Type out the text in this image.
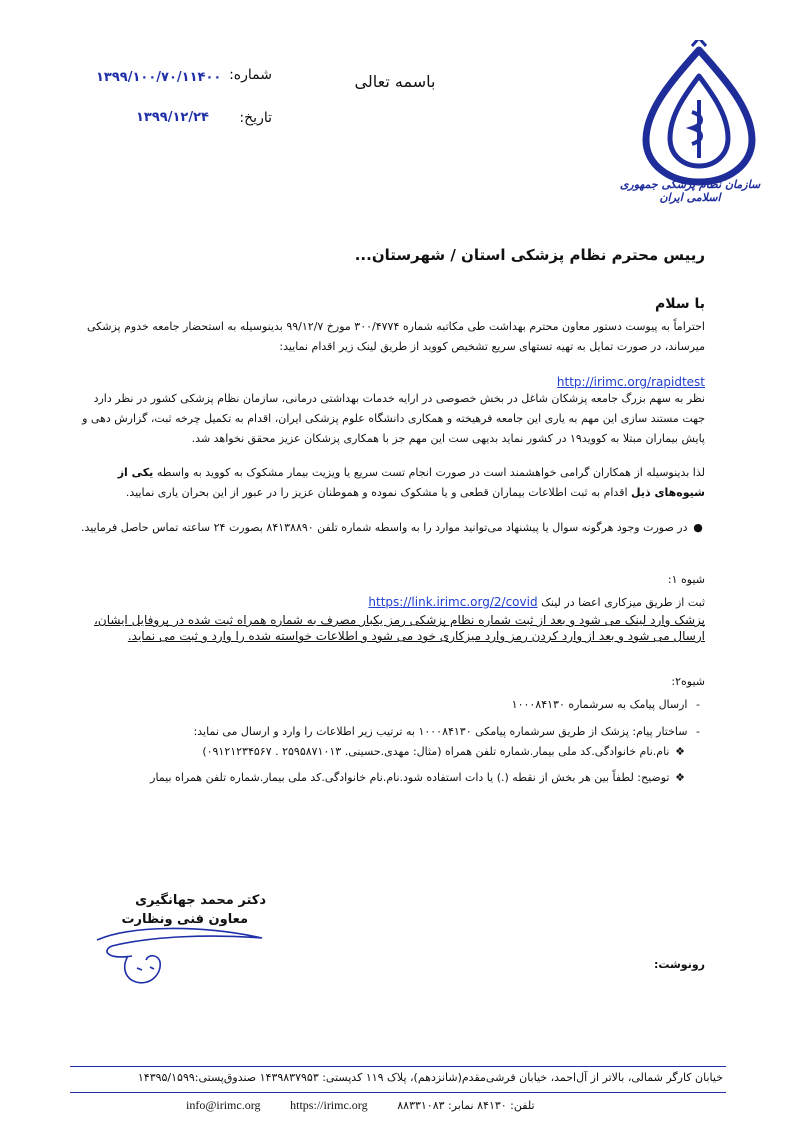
سازمان نظام پزشکی جمهوری اسلامی ایران
باسمه تعالی
شماره:
۱۳۹۹/۱۰۰/۷۰/۱۱۴۰۰
تاریخ:
۱۳۹۹/۱۲/۲۴
رییس محترم نظام پزشکی استان / شهرستان...
با سلام
احتراماً به پیوست دستور معاون محترم بهداشت طی مکاتبه شماره ۳۰۰/۴۷۷۴ مورخ ۹۹/۱۲/۷ بدینوسیله به استحضار جامعه خدوم پزشکی میرساند، در صورت تمایل به تهیه تستهای سریع تشخیص کووید از طریق لینک زیر اقدام نمایید:
http://irimc.org/rapidtest
نظر به سهم بزرگ جامعه پزشکان شاغل در بخش خصوصی در ارایه خدمات بهداشتی درمانی، سازمان نظام پزشکی کشور در نظر دارد جهت مستند سازی این مهم به یاری این جامعه فرهیخته و همکاری دانشگاه علوم پزشکی ایران، اقدام به تکمیل چرخه ثبت، گزارش دهی و پایش بیماران مبتلا به کووید۱۹ در کشور نماید بدیهی ست این مهم جز با همکاری پزشکان عزیز محقق نخواهد شد.
لذا بدینوسیله از همکاران گرامی خواهشمند است در صورت انجام تست سریع یا ویزیت بیمار مشکوک به کووید به واسطه یکی از شیوه‌های ذیل اقدام به ثبت اطلاعات بیماران قطعی و یا مشکوک نموده و هموطنان عزیز را در عبور از این بحران یاری نمایید.
● در صورت وجود هرگونه سوال یا پیشنهاد می‌توانید موارد را به واسطه شماره تلفن ۸۴۱۳۸۸۹۰ بصورت ۲۴ ساعته تماس حاصل فرمایید.
شیوه ۱:
ثبت از طریق میزکاری اعضا در لینک https://link.irimc.org/2/covid
پزشک وارد لینک می شود و بعد از ثبت شماره نظام پزشکی رمز یکبار مصرف به شماره همراه ثبت شده در پروفایل ایشان، ارسال می شود و بعد از وارد کردن رمز وارد میزکاری خود می شود و اطلاعات خواسته شده را وارد و ثبت می نماید.
شیوه۲:
- ارسال پیامک به سرشماره ۱۰۰۰۸۴۱۳۰
- ساختار پیام: پزشک از طریق سرشماره پیامکی ۱۰۰۰۸۴۱۳۰ به ترتیب زیر اطلاعات را وارد و ارسال می نماید:
❖ نام.نام خانوادگی.کد ملی بیمار.شماره تلفن همراه (مثال: مهدی.حسینی. ۲۵۹۵۸۷۱۰۱۳ . ۰۹۱۲۱۲۳۴۵۶۷)
❖ توضیح: لطفاً بین هر بخش از نقطه (.) یا دات استفاده شود.نام.نام خانوادگی.کد ملی بیمار.شماره تلفن همراه بیمار
دکتر محمد جهانگیری
معاون فنی ونظارت
رونوشت:
خیابان کارگر شمالی، بالاتر از آل‌احمد، خیابان فرشی‌مقدم(شانزدهم)، پلاک ۱۱۹ کدپستی: ۱۴۳۹۸۳۷۹۵۳ صندوق‌پستی:۱۴۳۹۵/۱۵۹۹
info@irimc.org https://irimc.org	تلفن: ۸۴۱۳۰ نمابر: ۸۸۳۳۱۰۸۳
